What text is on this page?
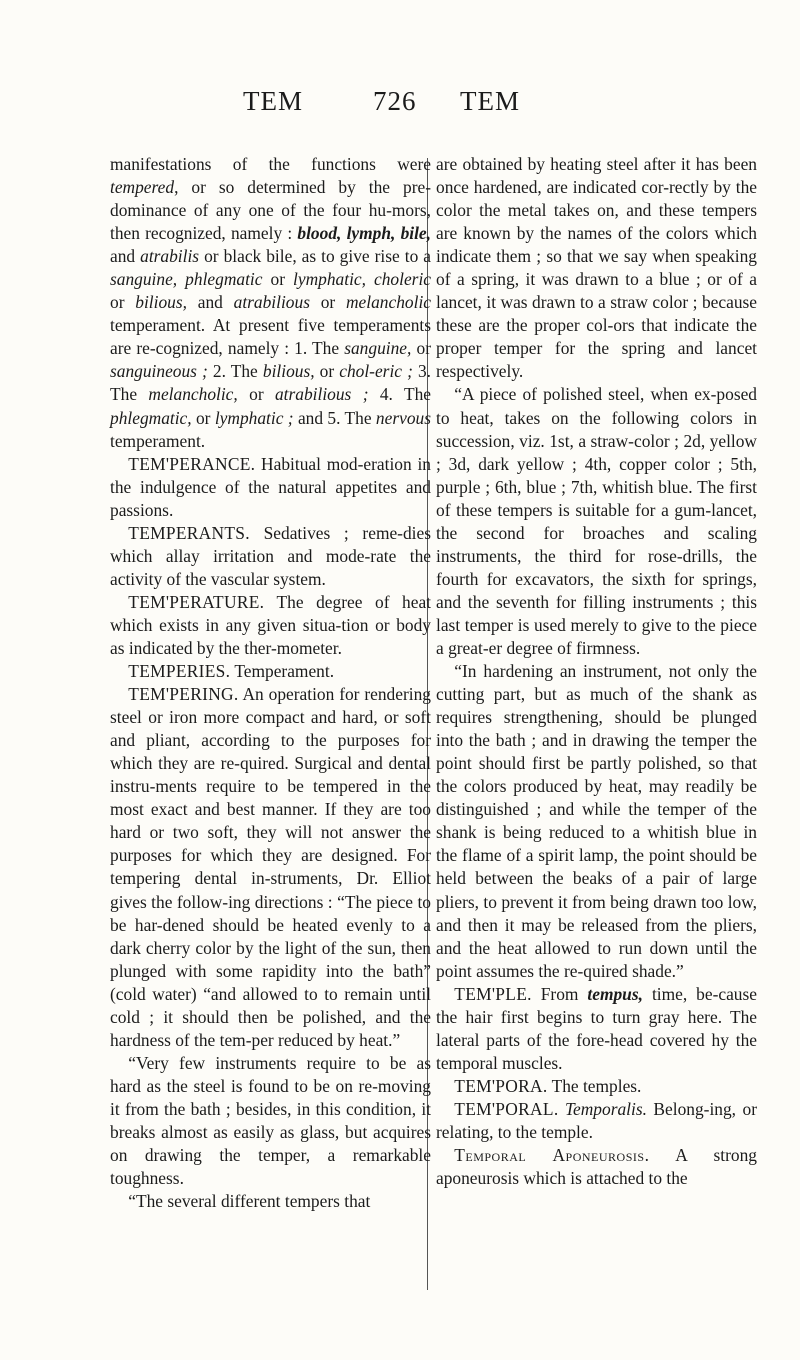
TEM	726 TEM

manifestations of the functions were tempered, or so determined by the pre-dominance of any one of the four hu-mors, then recognized, namely : blood, lymph, bile, and atrabilis or black bile, as to give rise to a sanguine, phlegmatic or lymphatic, choleric or bilious, and atrabilious or melancholic temperament. At present five temperaments are re-cognized, namely : 1. The sanguine, or sanguineous ; 2. The bilious, or chol-eric ; 3. The melancholic, or atrabilious ; 4. The phlegmatic, or lymphatic ; and 5. The nervous temperament.

TEM'PERANCE. Habitual mod-eration in the indulgence of the natural appetites and passions.

TEMPERANTS. Sedatives ; reme-dies which allay irritation and mode-rate the activity of the vascular system.

TEM'PERATURE. The degree of heat which exists in any given situa-tion or body as indicated by the ther-mometer.

TEMPERIES. Temperament.

TEM'PERING. An operation for rendering steel or iron more compact and hard, or soft and pliant, according to the purposes for which they are re-quired. Surgical and dental instru-ments require to be tempered in the most exact and best manner. If they are too hard or two soft, they will not answer the purposes for which they are designed. For tempering dental in-struments, Dr. Elliot gives the follow-ing directions : “The piece to be har-dened should be heated evenly to a dark cherry color by the light of the sun, then plunged with some rapidity into the bath” (cold water) “and allowed to to remain until cold ; it should then be polished, and the hardness of the tem-per reduced by heat.”

“Very few instruments require to be as hard as the steel is found to be on re-moving it from the bath ; besides, in this condition, it breaks almost as easily as glass, but acquires on drawing the temper, a remarkable toughness.

“The several different tempers that

are obtained by heating steel after it has been once hardened, are indicated cor-rectly by the color the metal takes on, and these tempers are known by the names of the colors which indicate them ; so that we say when speaking of a spring, it was drawn to a blue ; or of a lancet, it was drawn to a straw color ; because these are the proper col-ors that indicate the proper temper for the spring and lancet respectively.

“A piece of polished steel, when ex-posed to heat, takes on the following colors in succession, viz. 1st, a straw-color ; 2d, yellow ; 3d, dark yellow ; 4th, copper color ; 5th, purple ; 6th, blue ; 7th, whitish blue. The first of these tempers is suitable for a gum-lancet, the second for broaches and scaling instruments, the third for rose-drills, the fourth for excavators, the sixth for springs, and the seventh for filling instruments ; this last temper is used merely to give to the piece a great-er degree of firmness.

“In hardening an instrument, not only the cutting part, but as much of the shank as requires strengthening, should be plunged into the bath ; and in drawing the temper the point should first be partly polished, so that the colors produced by heat, may readily be distinguished ; and while the temper of the shank is being reduced to a whitish blue in the flame of a spirit lamp, the point should be held between the beaks of a pair of large pliers, to prevent it from being drawn too low, and then it may be released from the pliers, and the heat allowed to run down until the point assumes the re-quired shade.”

TEM'PLE. From tempus, time, be-cause the hair first begins to turn gray here. The lateral parts of the fore-head covered hy the temporal muscles.

TEM'PORA. The temples.

TEM'PORAL. Temporalis. Belong-ing, or relating, to the temple.

Temporal Aponeurosis. A strong aponeurosis which is attached to the
